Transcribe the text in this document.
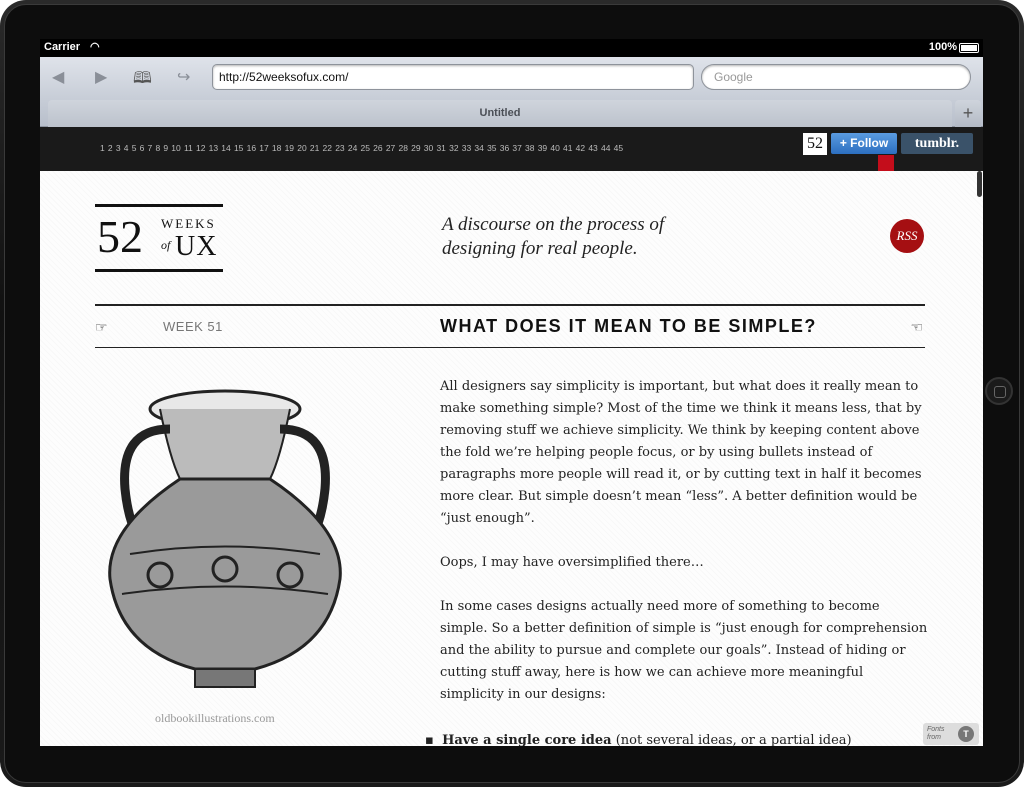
Carrier ◠	100%
◀ ▶ 🕮 ↪	http://52weeksofux.com/	Google
Untitled	+
1 2 3 4 5 6 7 8 9 10 11 12 13 14 15 16 17 18 19 20 21 22 23 24 25 26 27 28 29 30 31 32 33 34 35 36 37 38 39 40 41 42 43 44 45	52	+ Follow	tumblr.
52 WEEKS
of UX
A discourse on the process of
designing for real people.
RSS
☞	WEEK 51	WHAT DOES IT MEAN TO BE SIMPLE?	☜
oldbookillustrations.com

All designers say simplicity is important, but what does it really mean to make something simple? Most of the time we think it means less, that by removing stuff we achieve simplicity. We think by keeping content above the fold we’re helping people focus, or by using bullets instead of paragraphs more people will read it, or by cutting text in half it becomes more clear. But simple doesn’t mean “less”. A better definition would be “just enough”.

Oops, I may have oversimplified there…

In some cases designs actually need more of something to become simple. So a better definition of simple is “just enough for comprehension and the ability to pursue and complete our goals”. Instead of hiding or cutting stuff away, here is how we can achieve more meaningful simplicity in our designs:

▪  Have a single core idea (not several ideas, or a partial idea)
Fonts
from	T
